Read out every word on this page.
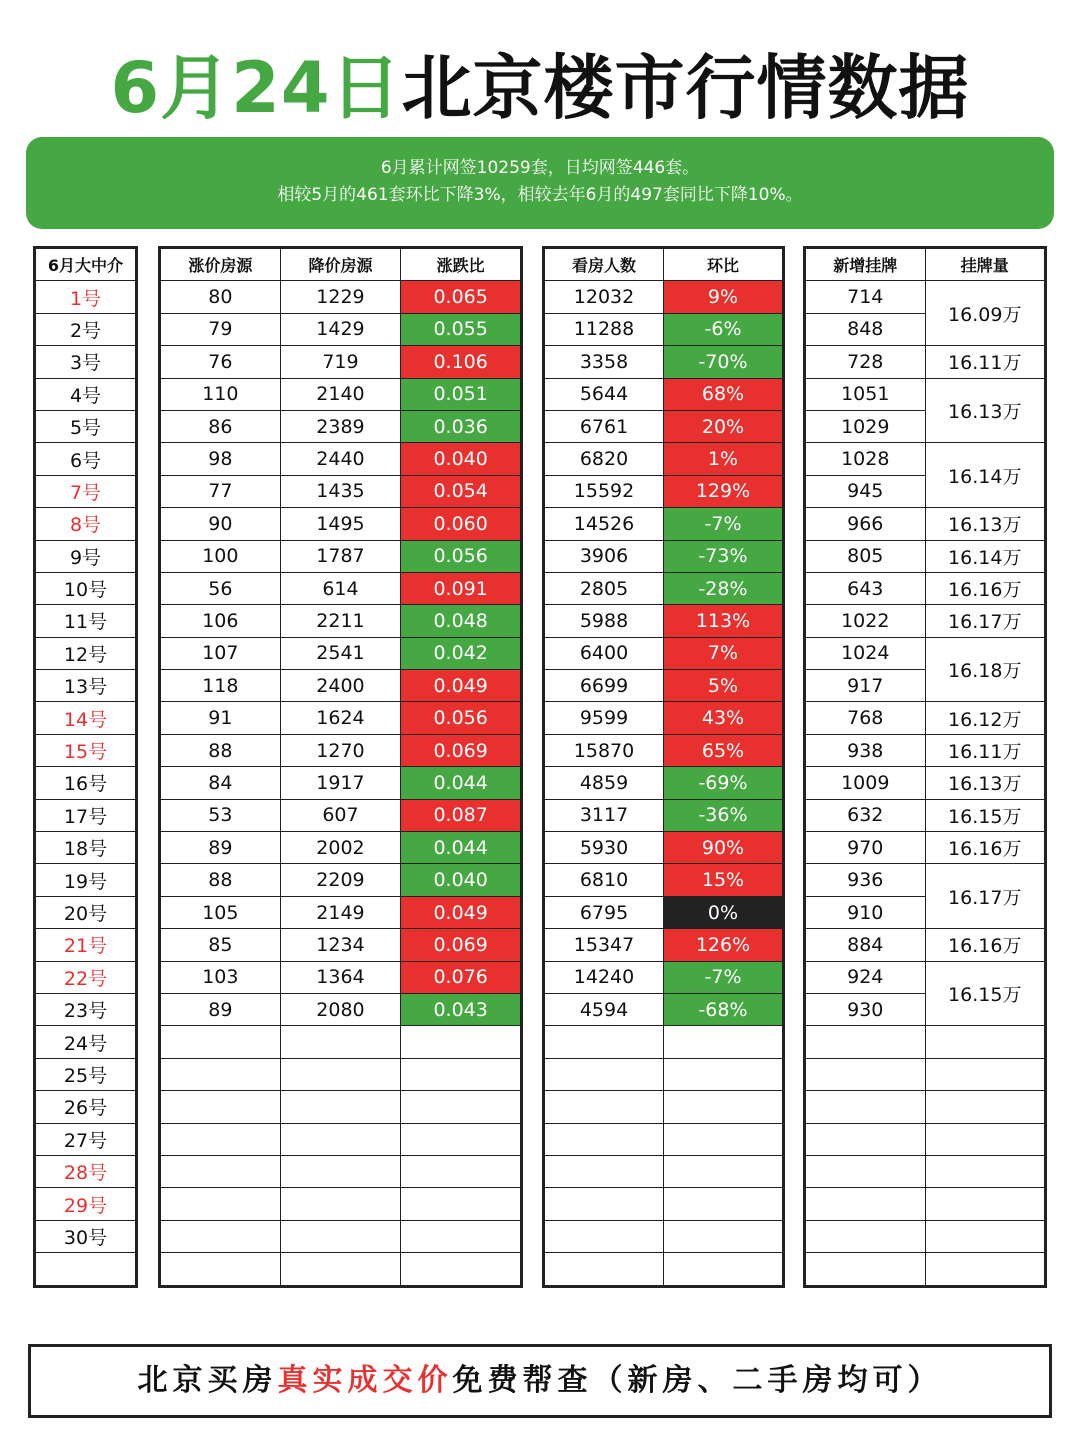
6月24日北京楼市行情数据
6月累计网签10259套，日均网签446套。
相较5月的461套环比下降3%，相较去年6月的497套同比下降10%。
6月大中介
1号
2号
3号
4号
5号
6号
7号
8号
9号
10号
11号
12号
13号
14号
15号
16号
17号
18号
19号
20号
21号
22号
23号
24号
25号
26号
27号
28号
29号
30号

涨价房源	降价房源	涨跌比
80	1229	0.065
79	1429	0.055
76	719	0.106
110	2140	0.051
86	2389	0.036
98	2440	0.040
77	1435	0.054
90	1495	0.060
100	1787	0.056
56	614	0.091
106	2211	0.048
107	2541	0.042
118	2400	0.049
91	1624	0.056
88	1270	0.069
84	1917	0.044
53	607	0.087
89	2002	0.044
88	2209	0.040
105	2149	0.049
85	1234	0.069
103	1364	0.076
89	2080	0.043

看房人数	环比
12032	9%
11288	-6%
3358	-70%
5644	68%
6761	20%
6820	1%
15592	129%
14526	-7%
3906	-73%
2805	-28%
5988	113%
6400	7%
6699	5%
9599	43%
15870	65%
4859	-69%
3117	-36%
5930	90%
6810	15%
6795	0%
15347	126%
14240	-7%
4594	-68%

新增挂牌	挂牌量
714	16.09万
848	
728	16.11万
1051	16.13万
1029	
1028	16.14万
945	
966	16.13万
805	16.14万
643	16.16万
1022	16.17万
1024	16.18万
917	
768	16.12万
938	16.11万
1009	16.13万
632	16.15万
970	16.16万
936	16.17万
910	
884	16.16万
924	16.15万
930	

北京买房真实成交价免费帮查（新房、二手房均可）
